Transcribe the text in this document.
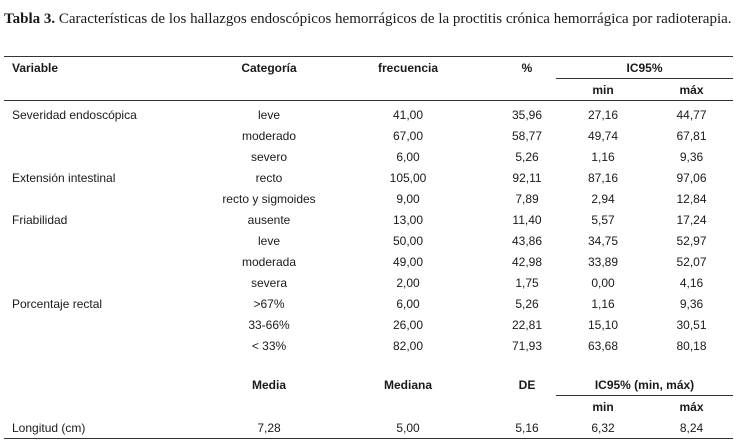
Tabla 3. Características de los hallazgos endoscópicos hemorrágicos de la proctitis crónica hemorrágica por radioterapia.
Variable	Categoría	frecuencia	%	IC95%	
				min	máx
Severidad endoscópica	leve	41,00	35,96	27,16	44,77
	moderado	67,00	58,77	49,74	67,81
	severo	6,00	5,26	1,16	9,36
Extensión intestinal	recto	105,00	92,11	87,16	97,06
	recto y sigmoides	9,00	7,89	2,94	12,84
Friabilidad	ausente	13,00	11,40	5,57	17,24
	leve	50,00	43,86	34,75	52,97
	moderada	49,00	42,98	33,89	52,07
	severa	2,00	1,75	0,00	4,16
Porcentaje rectal	>67%	6,00	5,26	1,16	9,36
	33-66%	26,00	22,81	15,10	30,51
	< 33%	82,00	71,93	63,68	80,18

	Media	Mediana	DE	IC95% (min, máx)	
				min	máx
Longitud (cm)	7,28	5,00	5,16	6,32	8,24
